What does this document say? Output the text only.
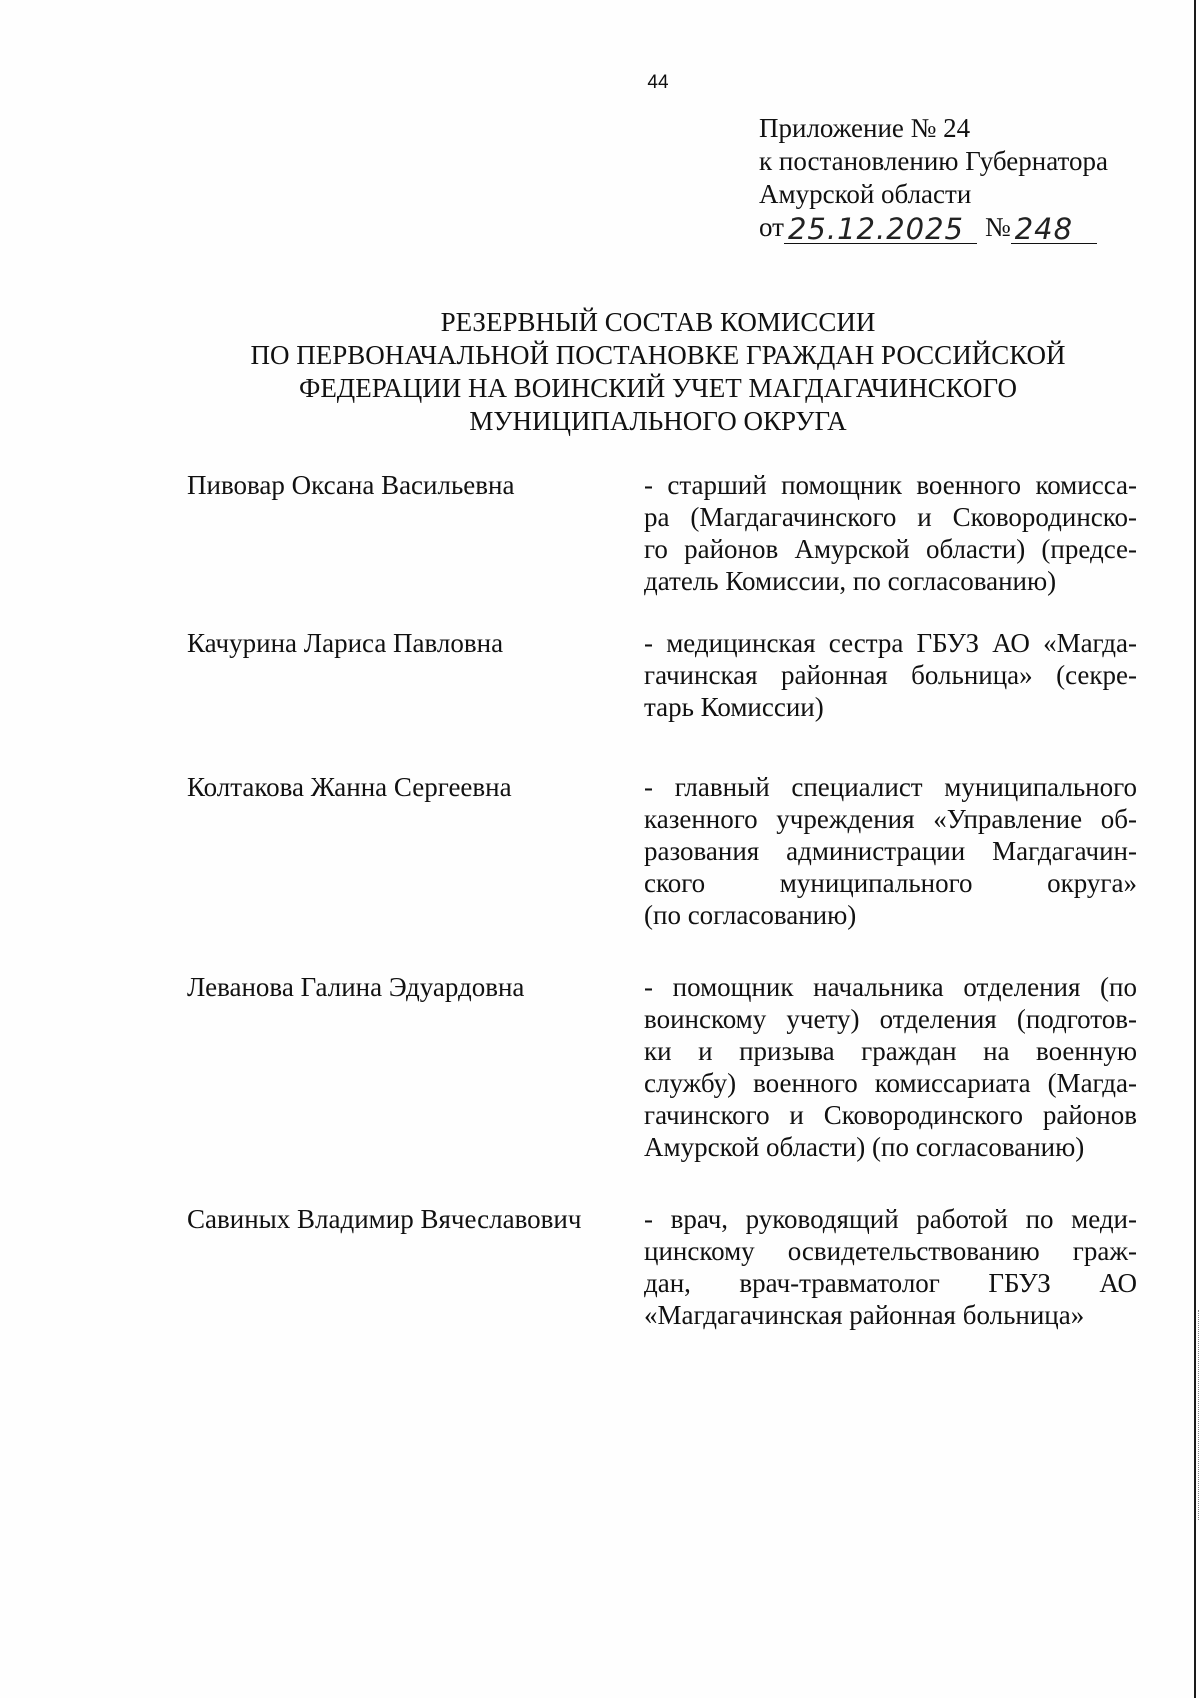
44
Приложение № 24
к постановлению Губернатора
Амурской области
от 25.12.2025 № 248
РЕЗЕРВНЫЙ СОСТАВ КОМИССИИ
ПО ПЕРВОНАЧАЛЬНОЙ ПОСТАНОВКЕ ГРАЖДАН РОССИЙСКОЙ
ФЕДЕРАЦИИ НА ВОИНСКИЙ УЧЕТ МАГДАГАЧИНСКОГО
МУНИЦИПАЛЬНОГО ОКРУГА
Пивовар Оксана Васильевна	- старший помощник военного комисса-
ра (Магдагачинского и Сковородинско-
го районов Амурской области) (предсе-
датель Комиссии, по согласованию)
Качурина Лариса Павловна	- медицинская сестра ГБУЗ АО «Магда-
гачинская районная больница» (секре-
тарь Комиссии)
Колтакова Жанна Сергеевна	- главный специалист муниципального
казенного учреждения «Управление об-
разования администрации Магдагачин-
ского муниципального округа»
(по согласованию)
Леванова Галина Эдуардовна	- помощник начальника отделения (по
воинскому учету) отделения (подготов-
ки и призыва граждан на военную
службу) военного комиссариата (Магда-
гачинского и Сковородинского районов
Амурской области) (по согласованию)
Савиных Владимир Вячеславович	- врач, руководящий работой по меди-
цинскому освидетельствованию граж-
дан, врач-травматолог ГБУЗ АО
«Магдагачинская районная больница»
